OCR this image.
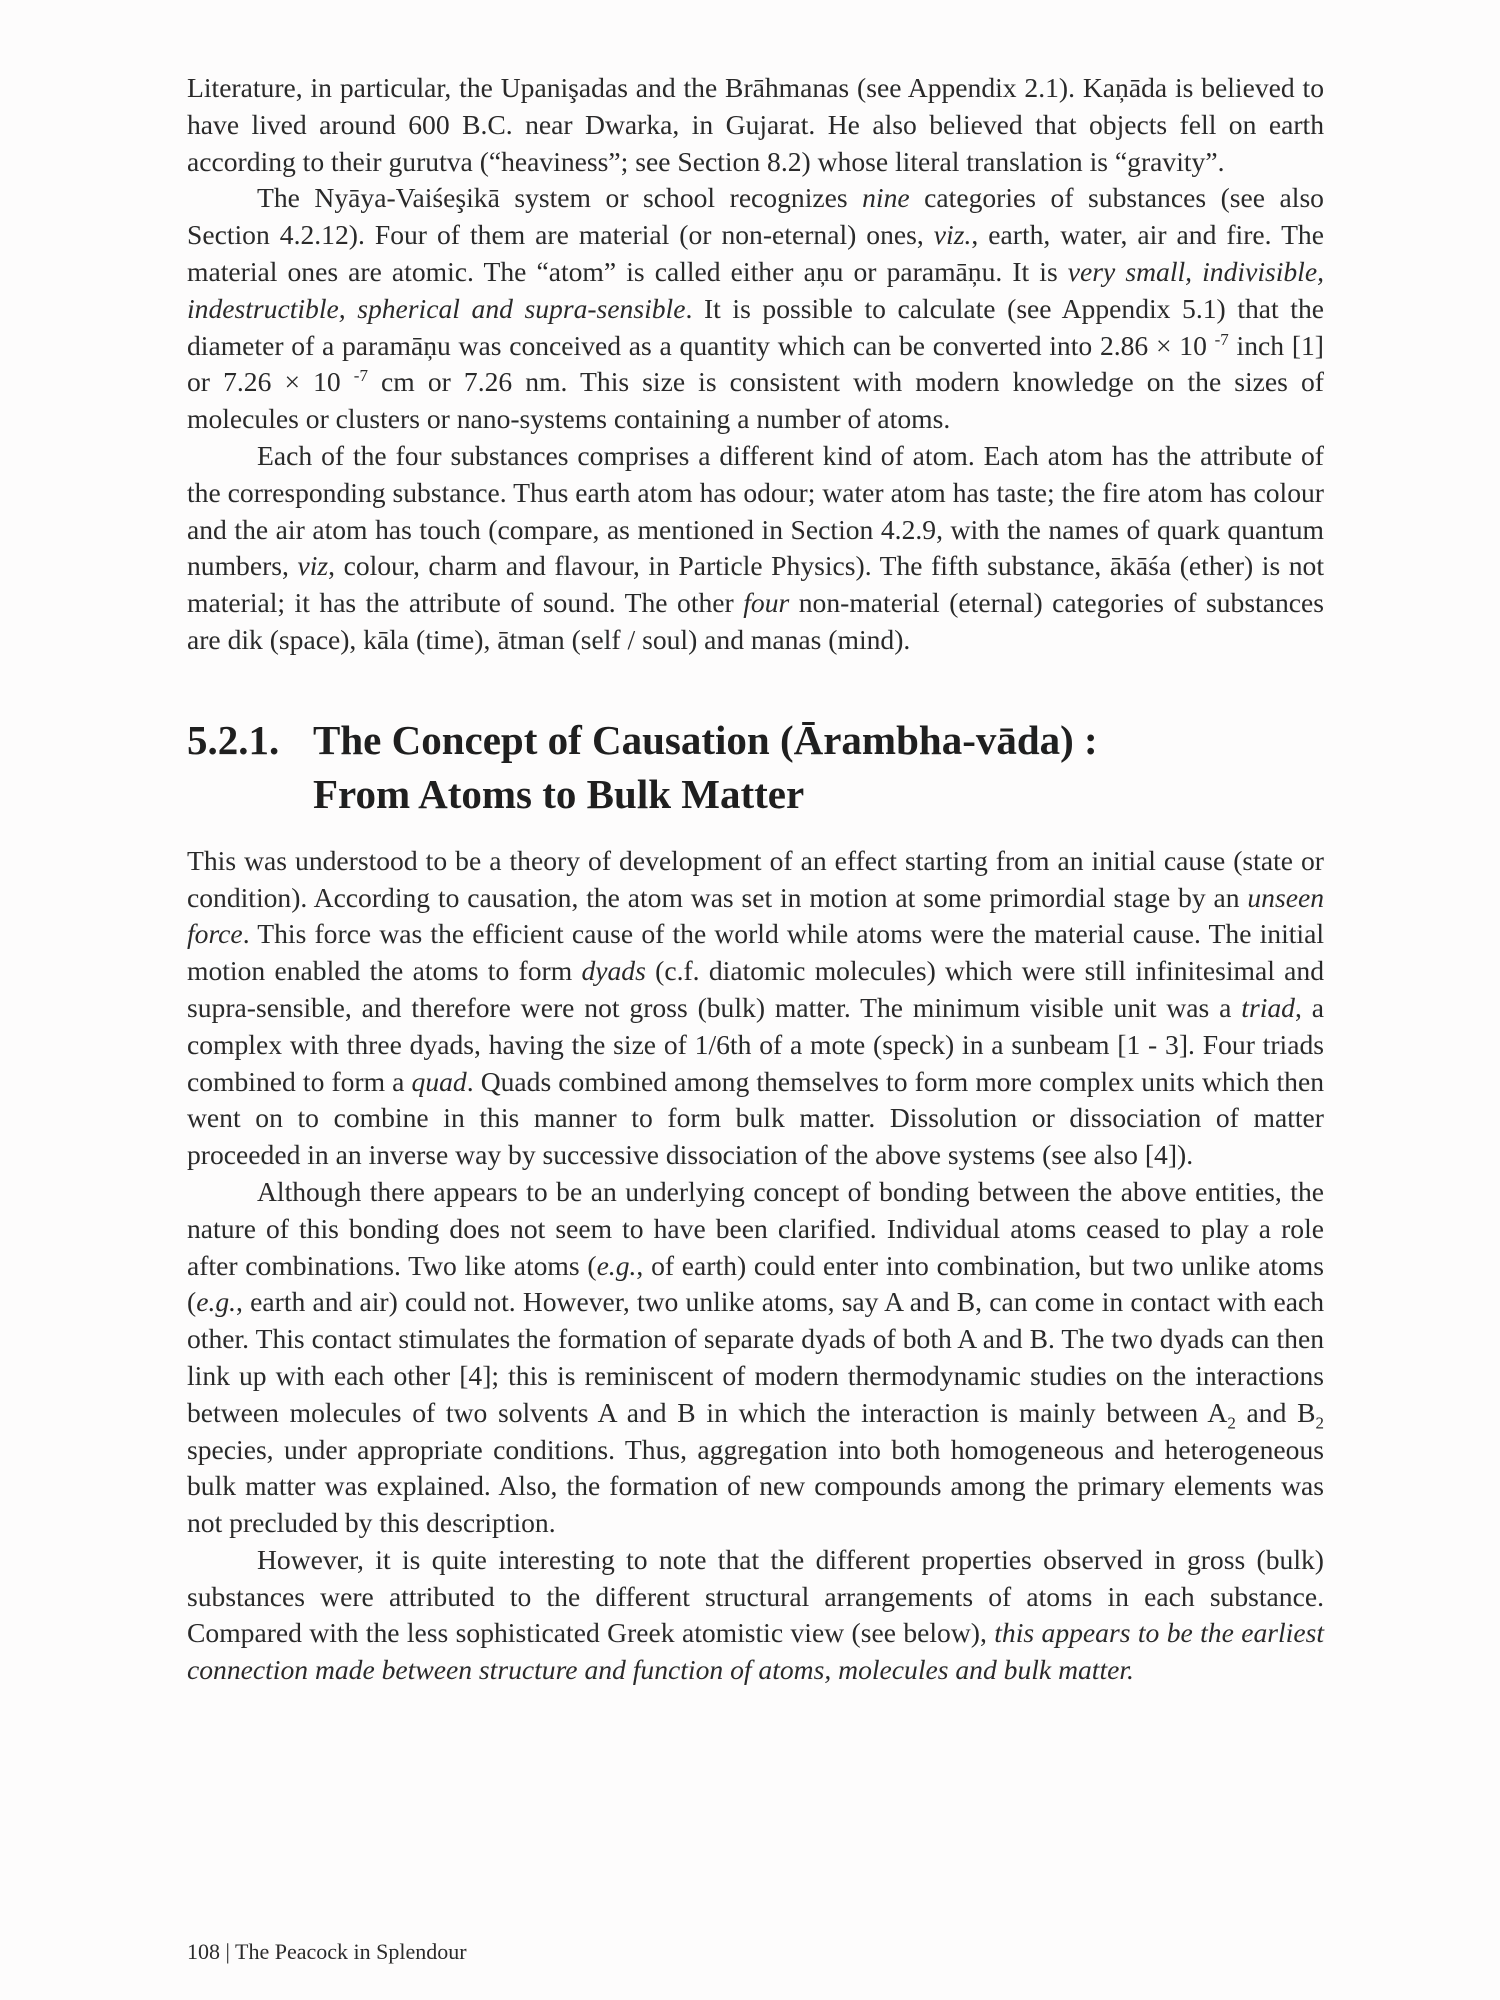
Literature, in particular, the Upanişadas and the Brāhmanas (see Appendix 2.1). Kaņāda is believed to have lived around 600 B.C. near Dwarka, in Gujarat. He also believed that objects fell on earth according to their gurutva (“heaviness”; see Section 8.2) whose literal translation is “gravity”.

The Nyāya-Vaiśeşikā system or school recognizes nine categories of substances (see also Section 4.2.12). Four of them are material (or non-eternal) ones, viz., earth, water, air and fire. The material ones are atomic. The “atom” is called either aņu or paramāņu. It is very small, indivisible, indestructible, spherical and supra-sensible. It is possible to calculate (see Appendix 5.1) that the diameter of a paramāņu was conceived as a quantity which can be converted into 2.86 × 10 $^{-7}$ inch [1] or 7.26 × 10 $^{-7}$ cm or 7.26 nm. This size is consistent with modern knowledge on the sizes of molecules or clusters or nano-systems containing a number of atoms.

Each of the four substances comprises a different kind of atom. Each atom has the attribute of the corresponding substance. Thus earth atom has odour; water atom has taste; the fire atom has colour and the air atom has touch (compare, as mentioned in Section 4.2.9, with the names of quark quantum numbers, viz, colour, charm and flavour, in Particle Physics). The fifth substance, ākāśa (ether) is not material; it has the attribute of sound. The other four non-material (eternal) categories of substances are dik (space), kāla (time), ātman (self / soul) and manas (mind).

5.2.1. The Concept of Causation (Ārambha-vāda) :
From Atoms to Bulk Matter

This was understood to be a theory of development of an effect starting from an initial cause (state or condition). According to causation, the atom was set in motion at some primordial stage by an unseen force. This force was the efficient cause of the world while atoms were the material cause. The initial motion enabled the atoms to form dyads (c.f. diatomic molecules) which were still infinitesimal and supra-sensible, and therefore were not gross (bulk) matter. The minimum visible unit was a triad, a complex with three dyads, having the size of 1/6th of a mote (speck) in a sunbeam [1 - 3]. Four triads combined to form a quad. Quads combined among themselves to form more complex units which then went on to combine in this manner to form bulk matter. Dissolution or dissociation of matter proceeded in an inverse way by successive dissociation of the above systems (see also [4]).

Although there appears to be an underlying concept of bonding between the above entities, the nature of this bonding does not seem to have been clarified. Individual atoms ceased to play a role after combinations. Two like atoms (e.g., of earth) could enter into combination, but two unlike atoms (e.g., earth and air) could not. However, two unlike atoms, say A and B, can come in contact with each other. This contact stimulates the formation of separate dyads of both A and B. The two dyads can then link up with each other [4]; this is reminiscent of modern thermodynamic studies on the interactions between molecules of two solvents A and B in which the interaction is mainly between $A_2$ and $B_2$ species, under appropriate conditions. Thus, aggregation into both homogeneous and heterogeneous bulk matter was explained. Also, the formation of new compounds among the primary elements was not precluded by this description.

However, it is quite interesting to note that the different properties observed in gross (bulk) substances were attributed to the different structural arrangements of atoms in each substance. Compared with the less sophisticated Greek atomistic view (see below), this appears to be the earliest connection made between structure and function of atoms, molecules and bulk matter.

108 | The Peacock in Splendour
